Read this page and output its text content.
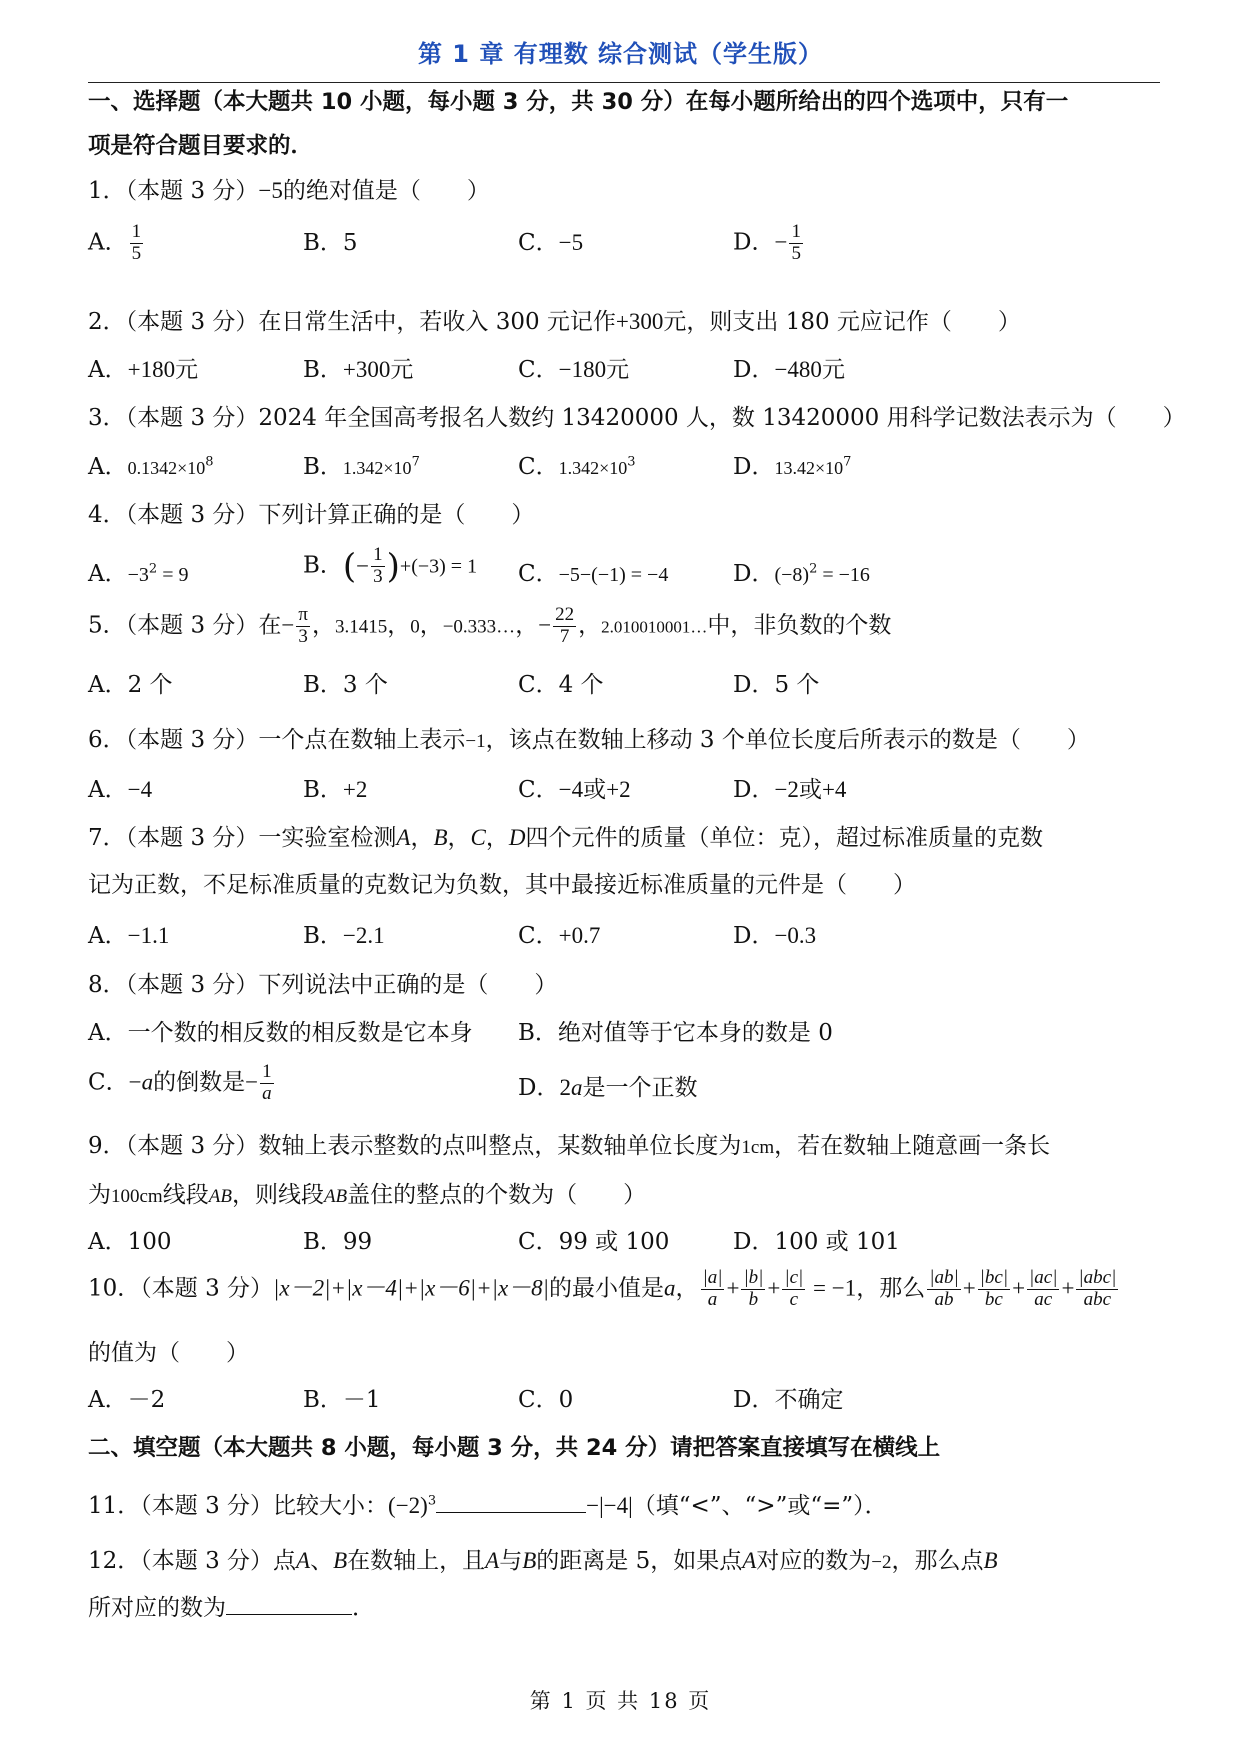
第 1 章 有理数 综合测试（学生版）
一、选择题（本大题共 10 小题，每小题 3 分，共 30 分）在每小题所给出的四个选项中，只有一
项是符合题目要求的．
1．（本题 3 分）−5的绝对值是（　　）
A． $\frac{1}{5}$	B．5	C．−5	D．− $\frac{1}{5}$
2．（本题 3 分）在日常生活中，若收入 300 元记作+300元，则支出 180 元应记作（　　）
A．+180元	B．+300元	C．−180元	D．−480元
3．（本题 3 分）2024 年全国高考报名人数约 13420000 人，数 13420000 用科学记数法表示为（　　）
A．$0.1342\times 10^8$	B．$1.342\times 10^7$	C．$1.342\times 10^3$	D．$13.42\times 10^7$
4．（本题 3 分）下列计算正确的是（　　）
A．$-3^2 = 9$	B．(− $\frac{1}{3} )+(-3) = 1$ C．−5−(−1) = −4	D．$(-8)^2 = -16$
5．（本题 3 分）在− $\frac{\pi}{3}$ ，3.1415，0，−0.333…，− $\frac{22}{7}$ ，2.010010001…中，非负数的个数
A．2 个	B．3 个	C．4 个	D．5 个
6．（本题 3 分）一个点在数轴上表示−1，该点在数轴上移动 3 个单位长度后所表示的数是（　　）
A．−4	B．+2	C．−4或+2	D．−2或+4
7．（本题 3 分）一实验室检测A，B，C，D四个元件的质量（单位：克），超过标准质量的克数
记为正数，不足标准质量的克数记为负数，其中最接近标准质量的元件是（　　）
A．−1.1	B．−2.1	C．+0.7	D．−0.3
8．（本题 3 分）下列说法中正确的是（　　）
A．一个数的相反数的相反数是它本身 B．绝对值等于它本身的数是 0
C．−a的倒数是− $\frac{1}{a}$	D．2a是一个正数
9．（本题 3 分）数轴上表示整数的点叫整点，某数轴单位长度为1cm，若在数轴上随意画一条长
为100cm线段AB，则线段AB盖住的整点的个数为（　　）
A．100	B．99	C．99 或 100	D．100 或 101
10．（本题 3 分）|x－2|+|x－4|+|x－6|+|x－8|的最小值是a， $\frac{|a|}{a} + \frac{|b|}{b} + \frac{|c|}{c} = -1$，那么 $\frac{|ab|}{ab} + \frac{|bc|}{bc} + \frac{|ac|}{ac} + \frac{\text{|abc|}}{\text{abc}}$
的值为（　　）
A．－2	B．－1	C．0	D．不确定
二、填空题（本大题共 8 小题，每小题 3 分，共 24 分）请把答案直接填写在横线上
11．（本题 3 分）比较大小：$(-2)^3$	−|−4|（填“<”、“>”或“=”）．
12．（本题 3 分）点A、B在数轴上，且A与B的距离是 5，如果点A对应的数为−2，那么点B
所对应的数为	．
第 1 页 共 18 页
